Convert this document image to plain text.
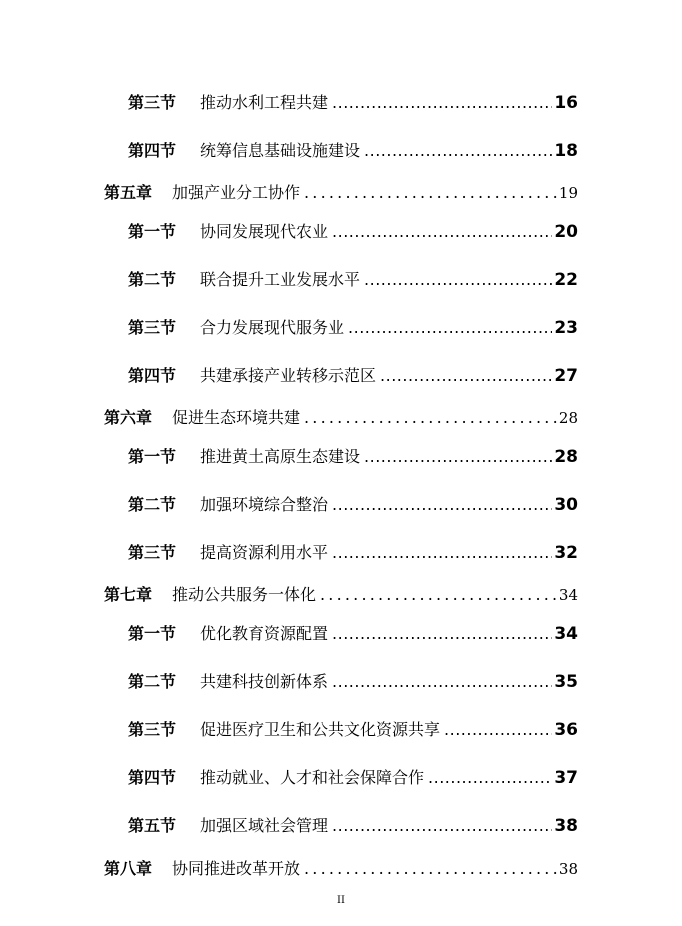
第三节	推动水利工程共建 .....	16
第四节	统筹信息基础设施建设 .....	18
第五章	加强产业分工协作 .....	19
第一节	协同发展现代农业 .....	20
第二节	联合提升工业发展水平 .....	22
第三节	合力发展现代服务业 .....	23
第四节	共建承接产业转移示范区 .....	27
第六章	促进生态环境共建 .....	28
第一节	推进黄土高原生态建设 .....	28
第二节	加强环境综合整治 .....	30
第三节	提高资源利用水平 .....	32
第七章	推动公共服务一体化 .....	34
第一节	优化教育资源配置 .....	34
第二节	共建科技创新体系 .....	35
第三节	促进医疗卫生和公共文化资源共享 .....	36
第四节	推动就业、人才和社会保障合作 .....	37
第五节	加强区域社会管理 .....	38
第八章	协同推进改革开放 .....	38
II
